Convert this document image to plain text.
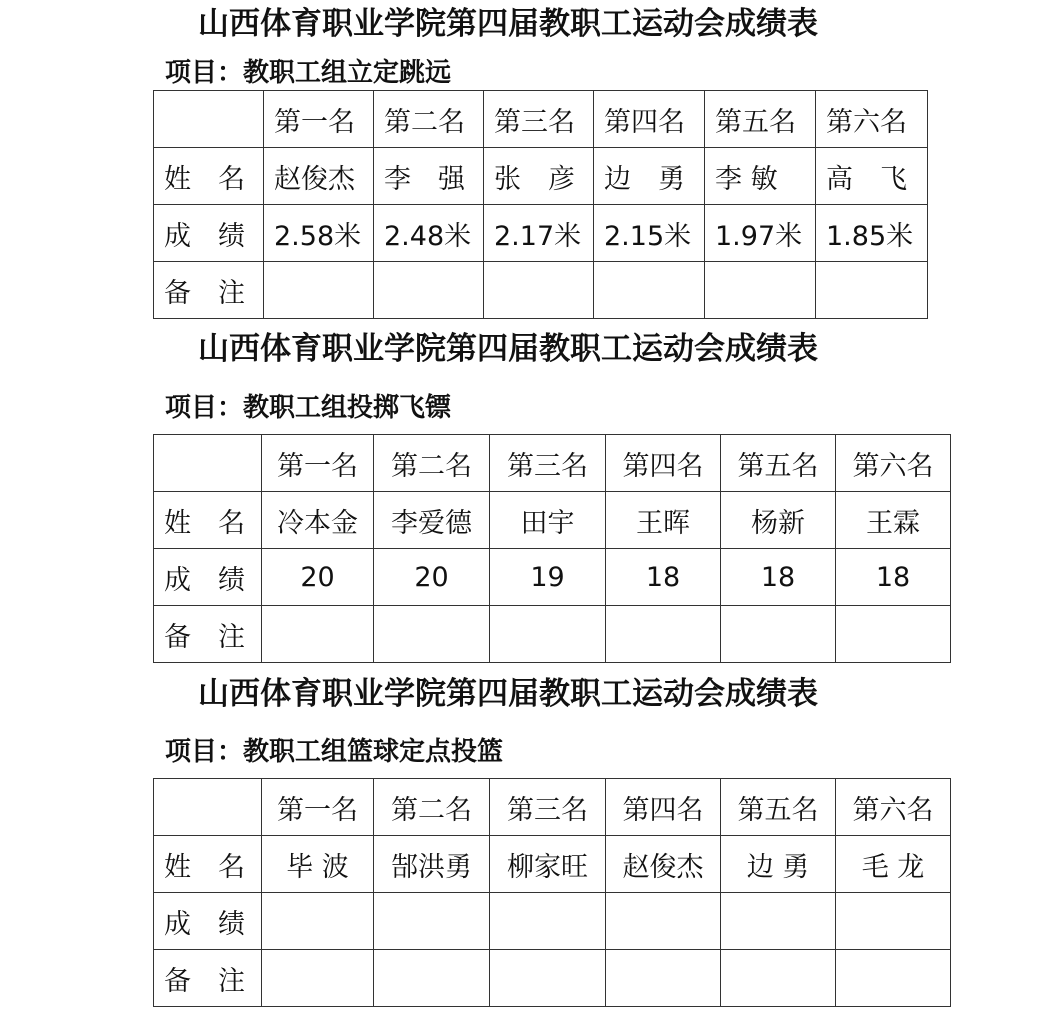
山西体育职业学院第四届教职工运动会成绩表
项目：教职工组立定跳远
	第一名	第二名	第三名	第四名	第五名	第六名
姓　名	赵俊杰	李　强	张　彦	边　勇	李 敏	高　飞
成　绩	2.58米	2.48米	2.17米	2.15米	1.97米	1.85米
备　注						
山西体育职业学院第四届教职工运动会成绩表
项目：教职工组投掷飞镖
	第一名	第二名	第三名	第四名	第五名	第六名
姓　名	冷本金	李爱德	田宇	王晖	杨新	王霖
成　绩	20	20	19	18	18	18
备　注						
山西体育职业学院第四届教职工运动会成绩表
项目：教职工组篮球定点投篮
	第一名	第二名	第三名	第四名	第五名	第六名
姓　名	毕 波	郜洪勇	柳家旺	赵俊杰	边 勇	毛 龙
成　绩						
备　注						
